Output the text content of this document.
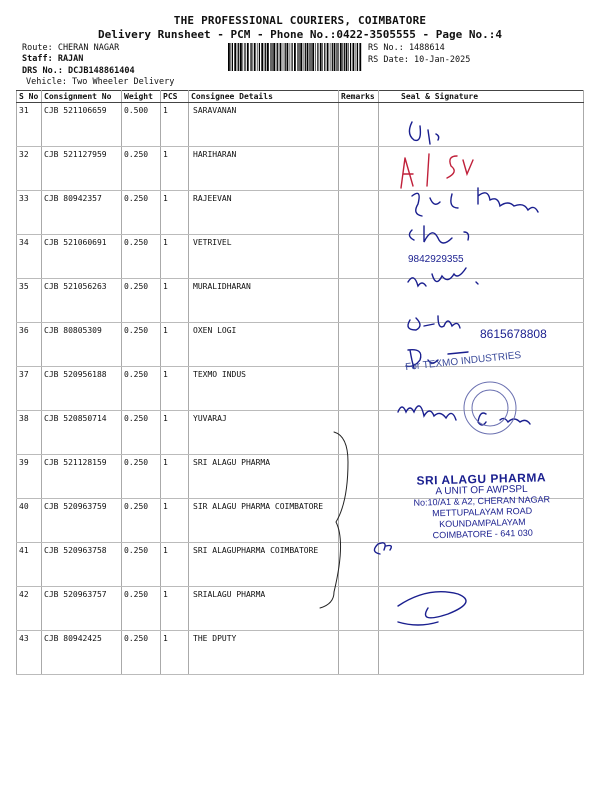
THE PROFESSIONAL COURIERS, COIMBATORE
Delivery Runsheet - PCM - Phone No.:0422-3505555 - Page No.:4
Route: CHERAN NAGAR
Staff: RAJAN
DRS No.: DCJB148861404
Vehicle: Two Wheeler Delivery
RS No.: 1488614
RS Date: 10-Jan-2025
S No	Consignment No	Weight	PCS	Consignee Details	Remarks	Seal & Signature
31	CJB 521106659	0.500	1	SARAVANAN		
32	CJB 521127959	0.250	1	HARIHARAN		
33	CJB 80942357	0.250	1	RAJEEVAN		
34	CJB 521060691	0.250	1	VETRIVEL		
35	CJB 521056263	0.250	1	MURALIDHARAN		
36	CJB 80805309	0.250	1	OXEN LOGI		
37	CJB 520956188	0.250	1	TEXMO INDUS		
38	CJB 520850714	0.250	1	YUVARAJ		
39	CJB 521128159	0.250	1	SRI ALAGU PHARMA		
40	CJB 520963759	0.250	1	SIR ALAGU PHARMA COIMBATORE		
41	CJB 520963758	0.250	1	SRI ALAGUPHARMA COIMBATORE		
42	CJB 520963757	0.250	1	SRIALAGU PHARMA		
43	CJB 80942425	0.250	1	THE DPUTY		
9842929355
8615678808
For TEXMO INDUSTRIES
SRI ALAGU PHARMA
A UNIT OF AWPSPL
No:10/A1 & A2, CHERAN NAGAR
METTUPALAYAM ROAD
KOUNDAMPALAYAM
COIMBATORE - 641 030
